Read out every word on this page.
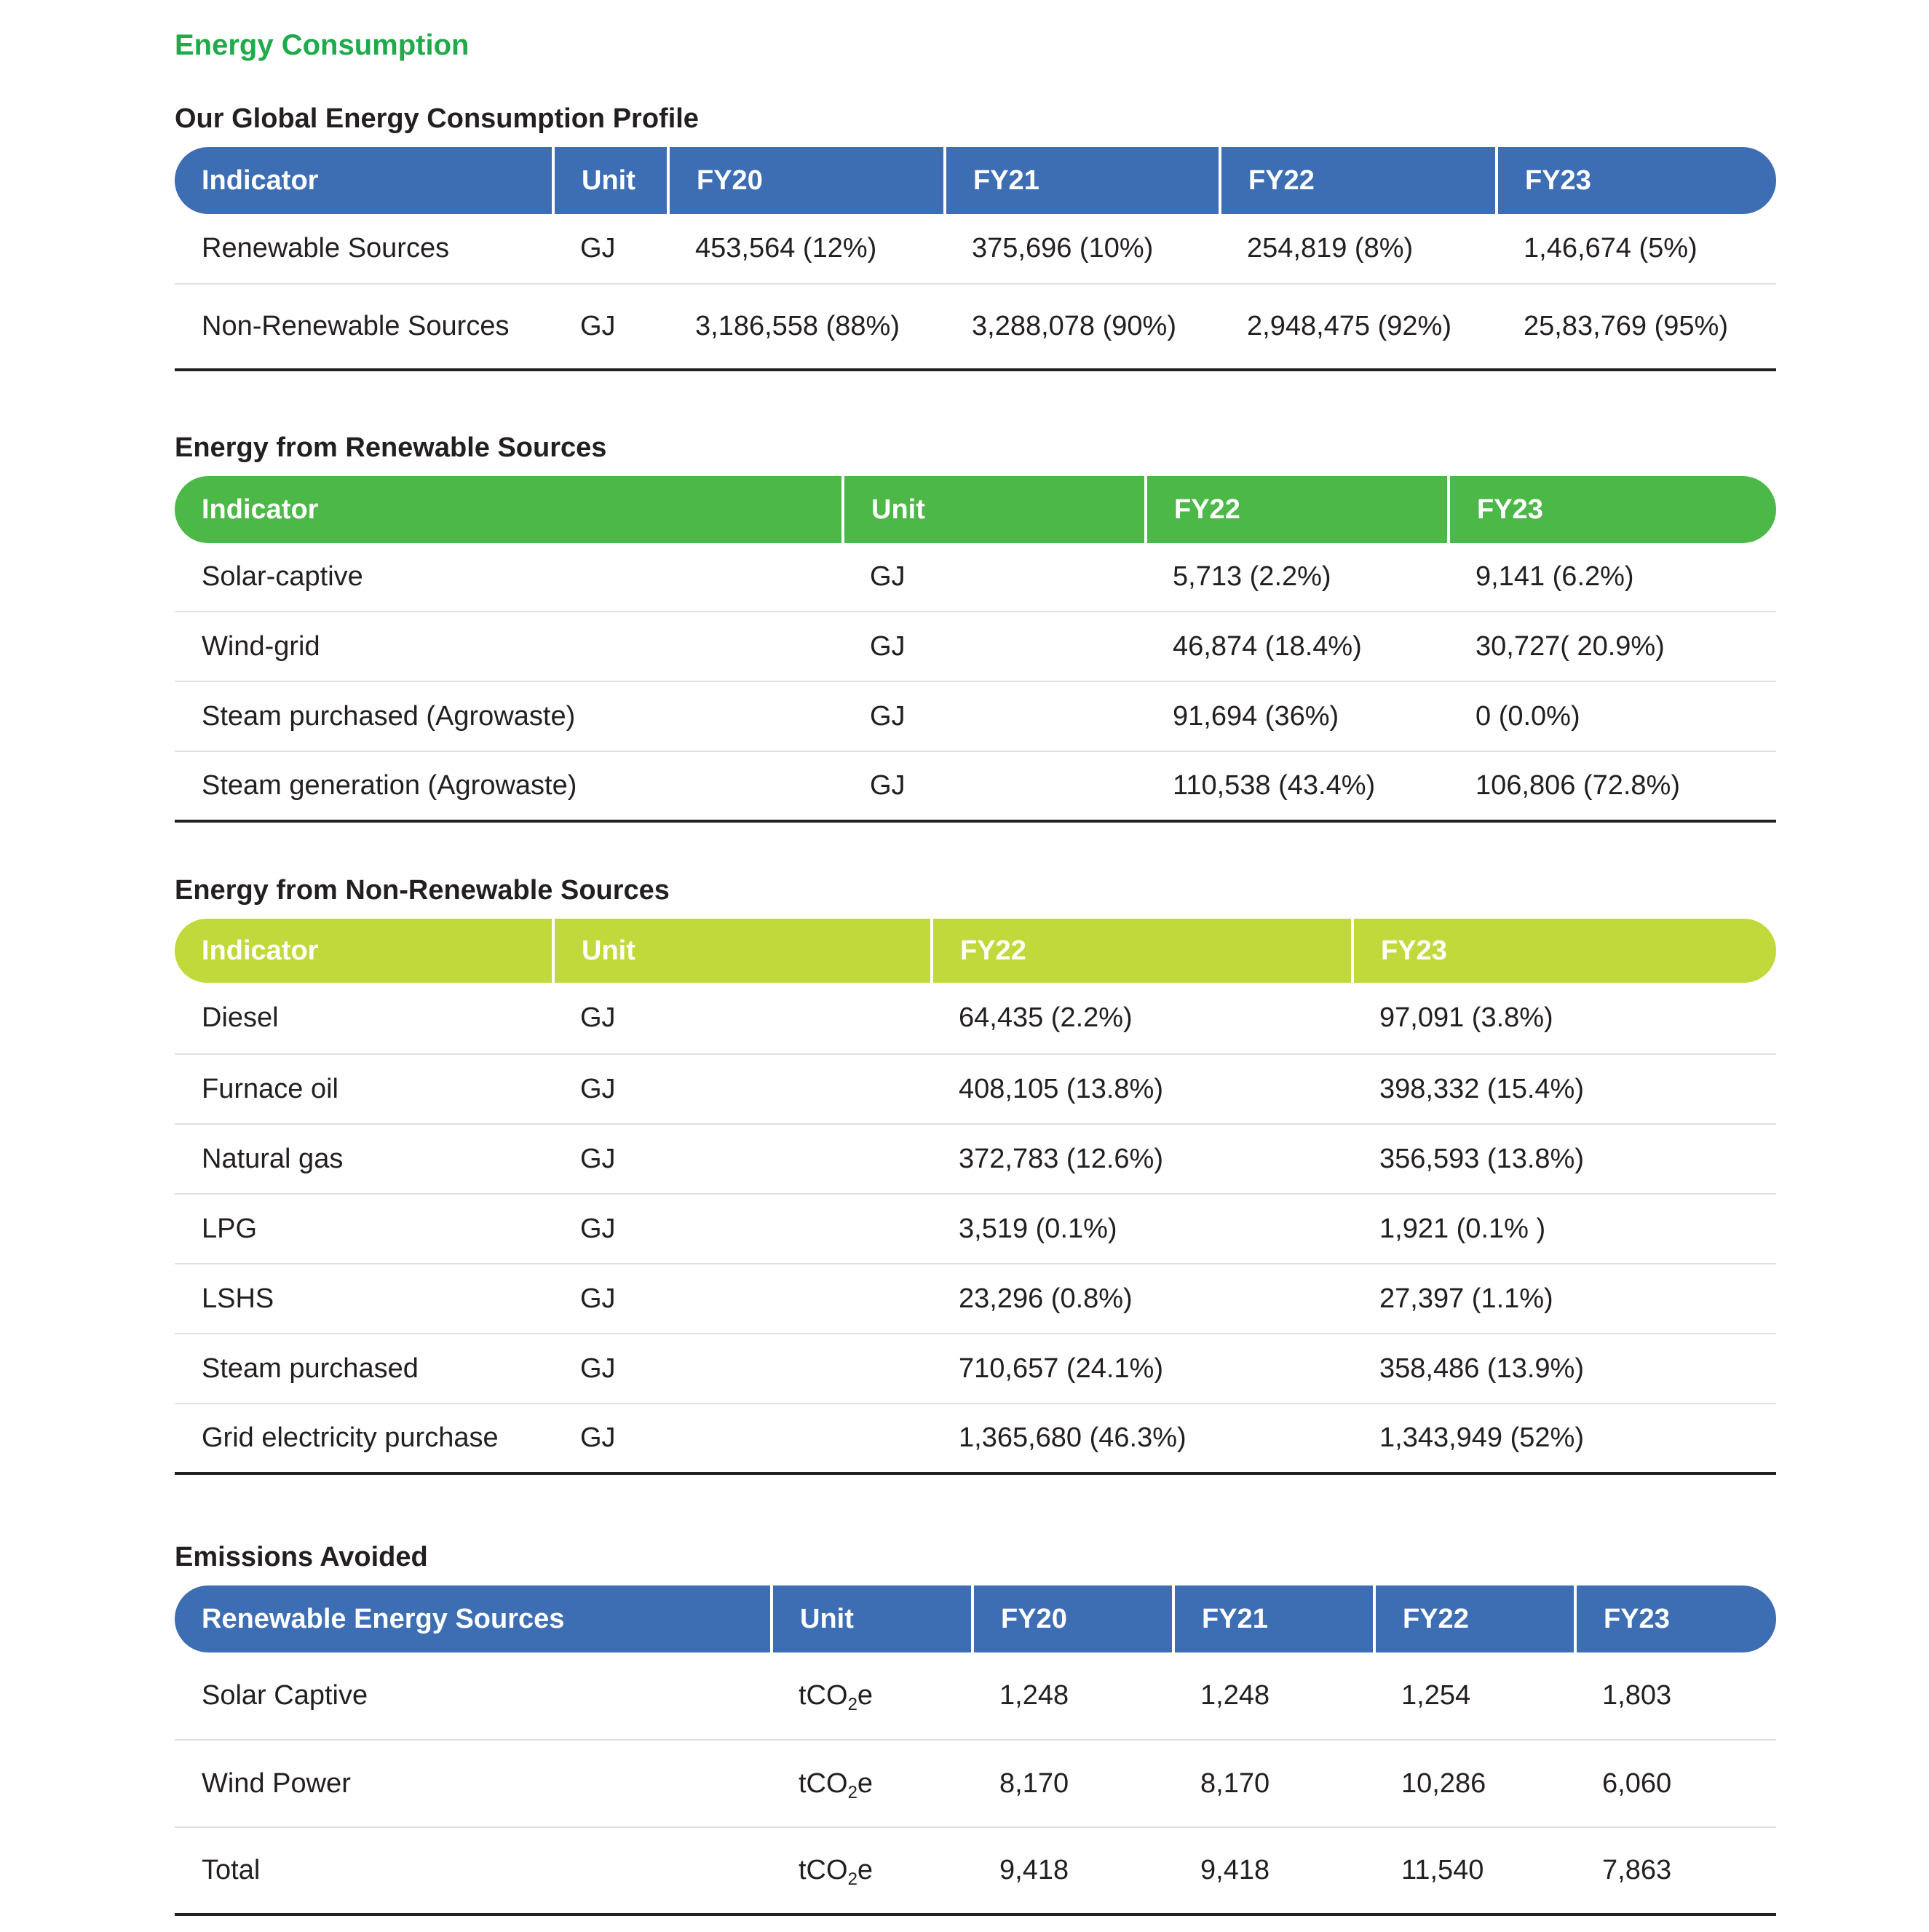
Energy Consumption
Our Global Energy Consumption Profile
Indicator	Unit	FY20	FY21	FY22	FY23
Renewable Sources	GJ	453,564 (12%)	375,696 (10%)	254,819 (8%)	1,46,674 (5%)
Non-Renewable Sources	GJ	3,186,558 (88%)	3,288,078 (90%)	2,948,475 (92%)	25,83,769 (95%)
Energy from Renewable Sources
Indicator	Unit	FY22	FY23
Solar-captive	GJ	5,713 (2.2%)	9,141 (6.2%)
Wind-grid	GJ	46,874 (18.4%)	30,727( 20.9%)
Steam purchased (Agrowaste)	GJ	91,694 (36%)	0 (0.0%)
Steam generation (Agrowaste)	GJ	110,538 (43.4%)	106,806 (72.8%)
Energy from Non-Renewable Sources
Indicator	Unit	FY22	FY23
Diesel	GJ	64,435 (2.2%)	97,091 (3.8%)
Furnace oil	GJ	408,105 (13.8%)	398,332 (15.4%)
Natural gas	GJ	372,783 (12.6%)	356,593 (13.8%)
LPG	GJ	3,519 (0.1%)	1,921 (0.1% )
LSHS	GJ	23,296 (0.8%)	27,397 (1.1%)
Steam purchased	GJ	710,657 (24.1%)	358,486 (13.9%)
Grid electricity purchase	GJ	1,365,680 (46.3%)	1,343,949 (52%)
Emissions Avoided
Renewable Energy Sources	Unit	FY20	FY21	FY22	FY23
Solar Captive	tCO$_2$e	1,248	1,248	1,254	1,803
Wind Power	tCO$_2$e	8,170	8,170	10,286	6,060
Total	tCO$_2$e	9,418	9,418	11,540	7,863
